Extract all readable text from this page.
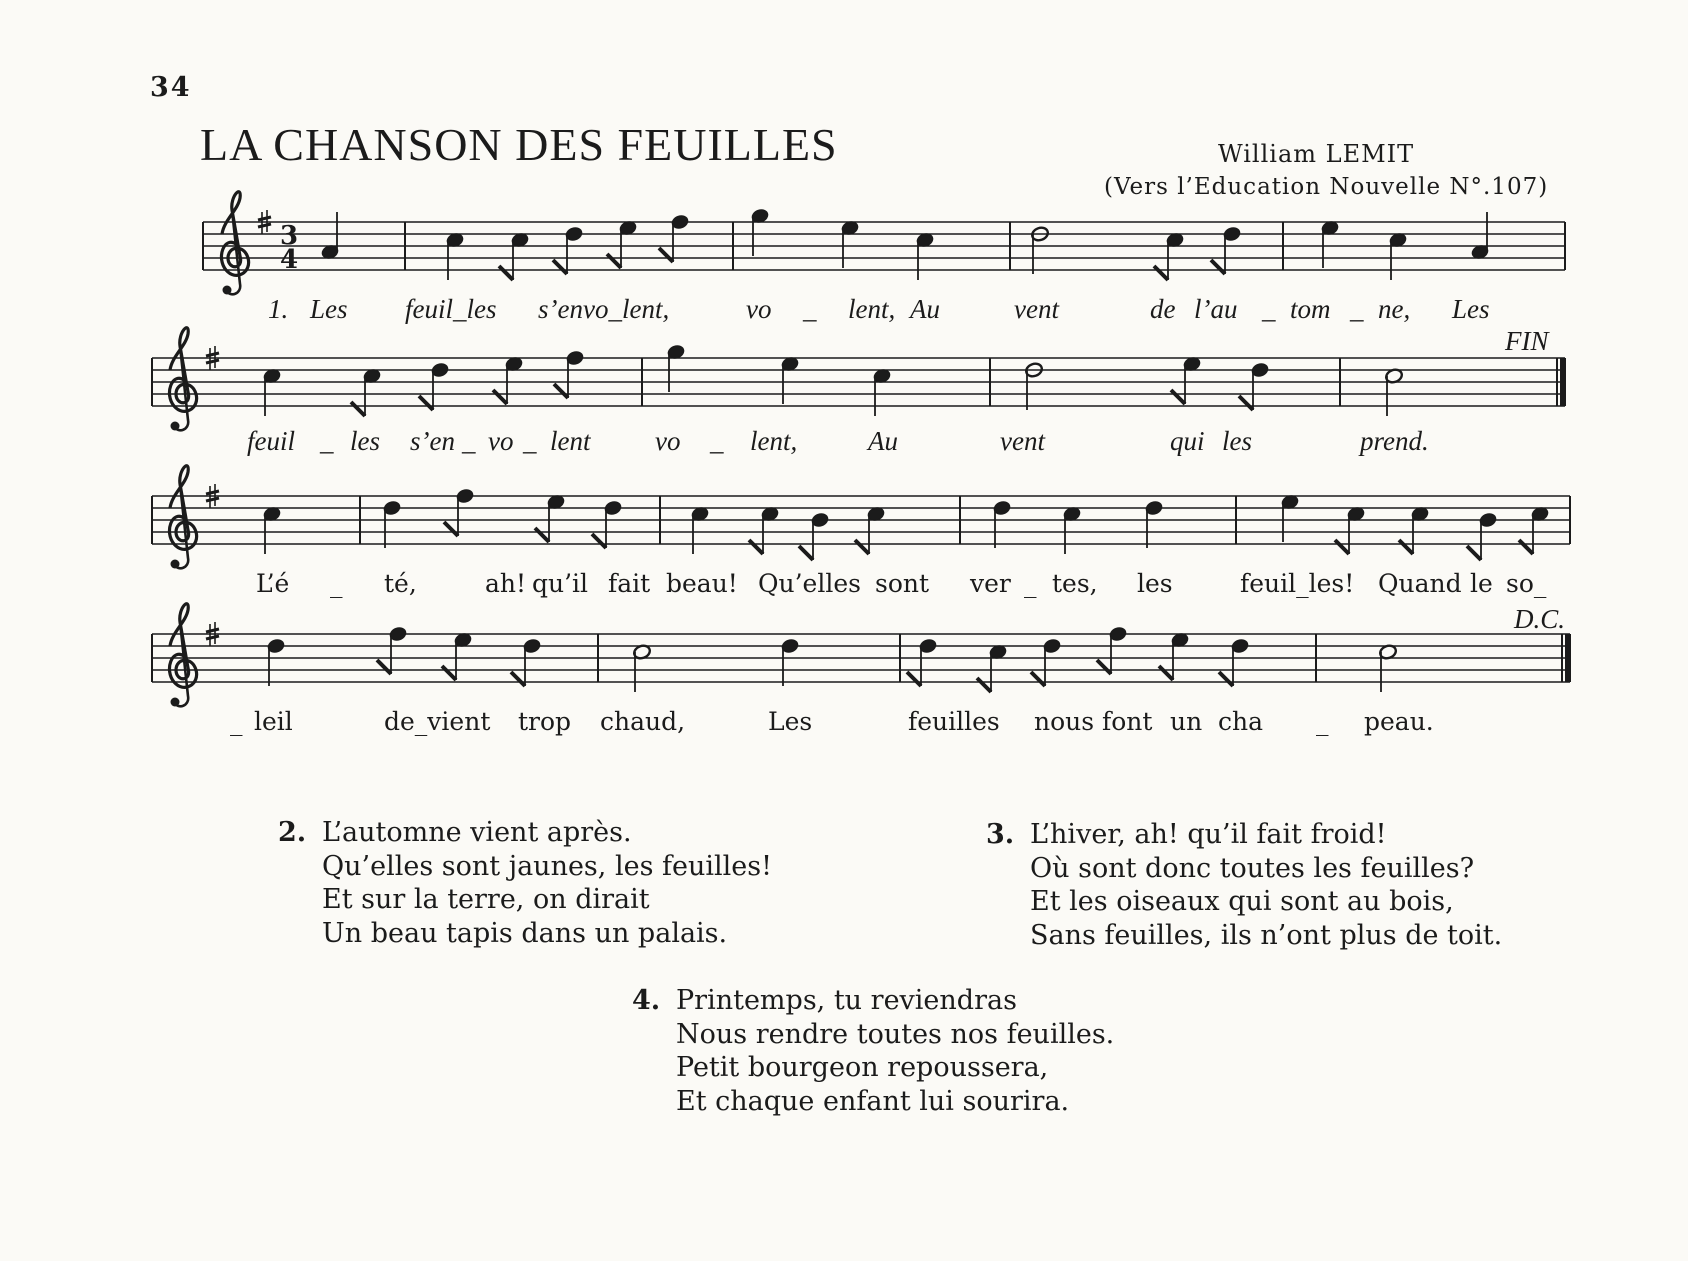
34
LA CHANSON DES FEUILLES	William LEMIT
(Vers l’Education Nouvelle N°.107)
3
4
1. Les feuil_les s’envo_lent,	vo _ lent, Au	vent	de l’au _ tom _ ne, Les
FIN
feuil _ les s’en _ vo _ lent vo _ lent,	Au	vent	qui les	prend.
L’é _ té,	ah! qu’il fait beau! Qu’elles sont ver _ tes, les	feuil_les! Quand le so_
D.C.
_ leil	de_vient trop chaud,	Les	feuilles nous font un cha _ peau.
2. L’automne vient après.
Qu’elles sont jaunes, les feuilles!
Et sur la terre, on dirait
Un beau tapis dans un palais.
3. L’hiver, ah! qu’il fait froid!
Où sont donc toutes les feuilles?
Et les oiseaux qui sont au bois,
Sans feuilles, ils n’ont plus de toit.
4. Printemps, tu reviendras
Nous rendre toutes nos feuilles.
Petit bourgeon repoussera,
Et chaque enfant lui sourira.
